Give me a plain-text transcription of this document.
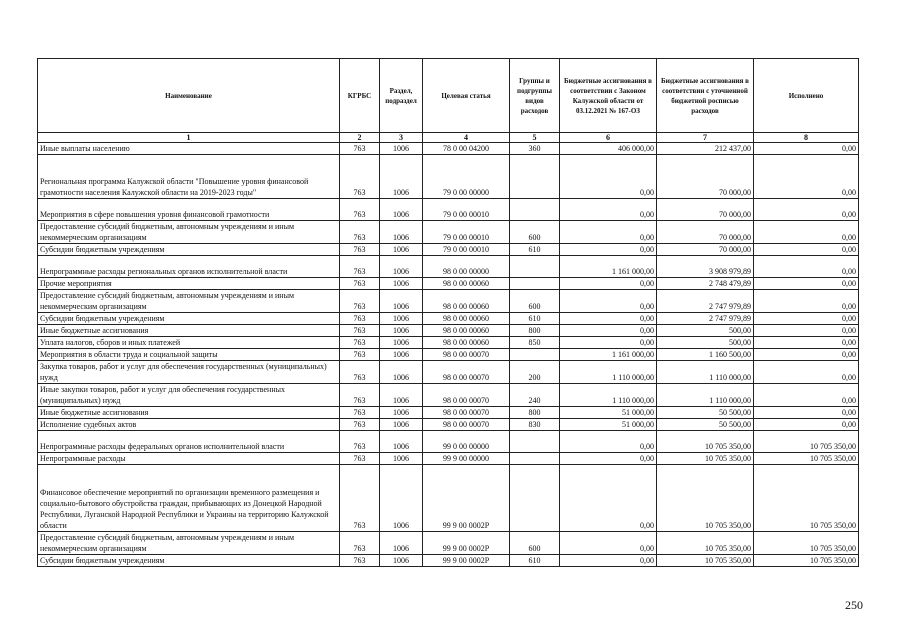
Наименование	КГРБС	Раздел, подраздел	Целевая статья	Группы и подгруппы видов расходов	Бюджетные ассигнования в соответствии с Законом Калужской области от 03.12.2021 № 167-ОЗ	Бюджетные ассигнования в соответствии с уточненной бюджетной росписью расходов	Исполнено
1	2	3	4	5	6	7	8
Иные выплаты населению	763	1006	78 0 00 04200	360	406 000,00	212 437,00	0,00
Региональная программа Калужской области "Повышение уровня финансовой грамотности населения Калужской области на 2019-2023 годы"	763	1006	79 0 00 00000		0,00	70 000,00	0,00
Мероприятия в сфере повышения уровня финансовой грамотности	763	1006	79 0 00 00010		0,00	70 000,00	0,00
Предоставление субсидий бюджетным, автономным учреждениям и иным некоммерческим организациям	763	1006	79 0 00 00010	600	0,00	70 000,00	0,00
Субсидии бюджетным учреждениям	763	1006	79 0 00 00010	610	0,00	70 000,00	0,00
Непрограммные расходы региональных органов исполнительной власти	763	1006	98 0 00 00000		1 161 000,00	3 908 979,89	0,00
Прочие мероприятия	763	1006	98 0 00 00060		0,00	2 748 479,89	0,00
Предоставление субсидий бюджетным, автономным учреждениям и иным некоммерческим организациям	763	1006	98 0 00 00060	600	0,00	2 747 979,89	0,00
Субсидии бюджетным учреждениям	763	1006	98 0 00 00060	610	0,00	2 747 979,89	0,00
Иные бюджетные ассигнования	763	1006	98 0 00 00060	800	0,00	500,00	0,00
Уплата налогов, сборов и иных платежей	763	1006	98 0 00 00060	850	0,00	500,00	0,00
Мероприятия в области труда и социальной защиты	763	1006	98 0 00 00070		1 161 000,00	1 160 500,00	0,00
Закупка товаров, работ и услуг для обеспечения государственных (муниципальных) нужд	763	1006	98 0 00 00070	200	1 110 000,00	1 110 000,00	0,00
Иные закупки товаров, работ и услуг для обеспечения государственных (муниципальных) нужд	763	1006	98 0 00 00070	240	1 110 000,00	1 110 000,00	0,00
Иные бюджетные ассигнования	763	1006	98 0 00 00070	800	51 000,00	50 500,00	0,00
Исполнение судебных актов	763	1006	98 0 00 00070	830	51 000,00	50 500,00	0,00
Непрограммные расходы федеральных органов исполнительной власти	763	1006	99 0 00 00000		0,00	10 705 350,00	10 705 350,00
Непрограммные расходы	763	1006	99 9 00 00000		0,00	10 705 350,00	10 705 350,00
Финансовое обеспечение мероприятий по организации временного размещения и социально-бытового обустройства граждан, прибывающих из Донецкой Народной Республики, Луганской Народной Республики и Украины на территорию Калужской области	763	1006	99 9 00 0002Р		0,00	10 705 350,00	10 705 350,00
Предоставление субсидий бюджетным, автономным учреждениям и иным некоммерческим организациям	763	1006	99 9 00 0002Р	600	0,00	10 705 350,00	10 705 350,00
Субсидии бюджетным учреждениям	763	1006	99 9 00 0002Р	610	0,00	10 705 350,00	10 705 350,00
250
